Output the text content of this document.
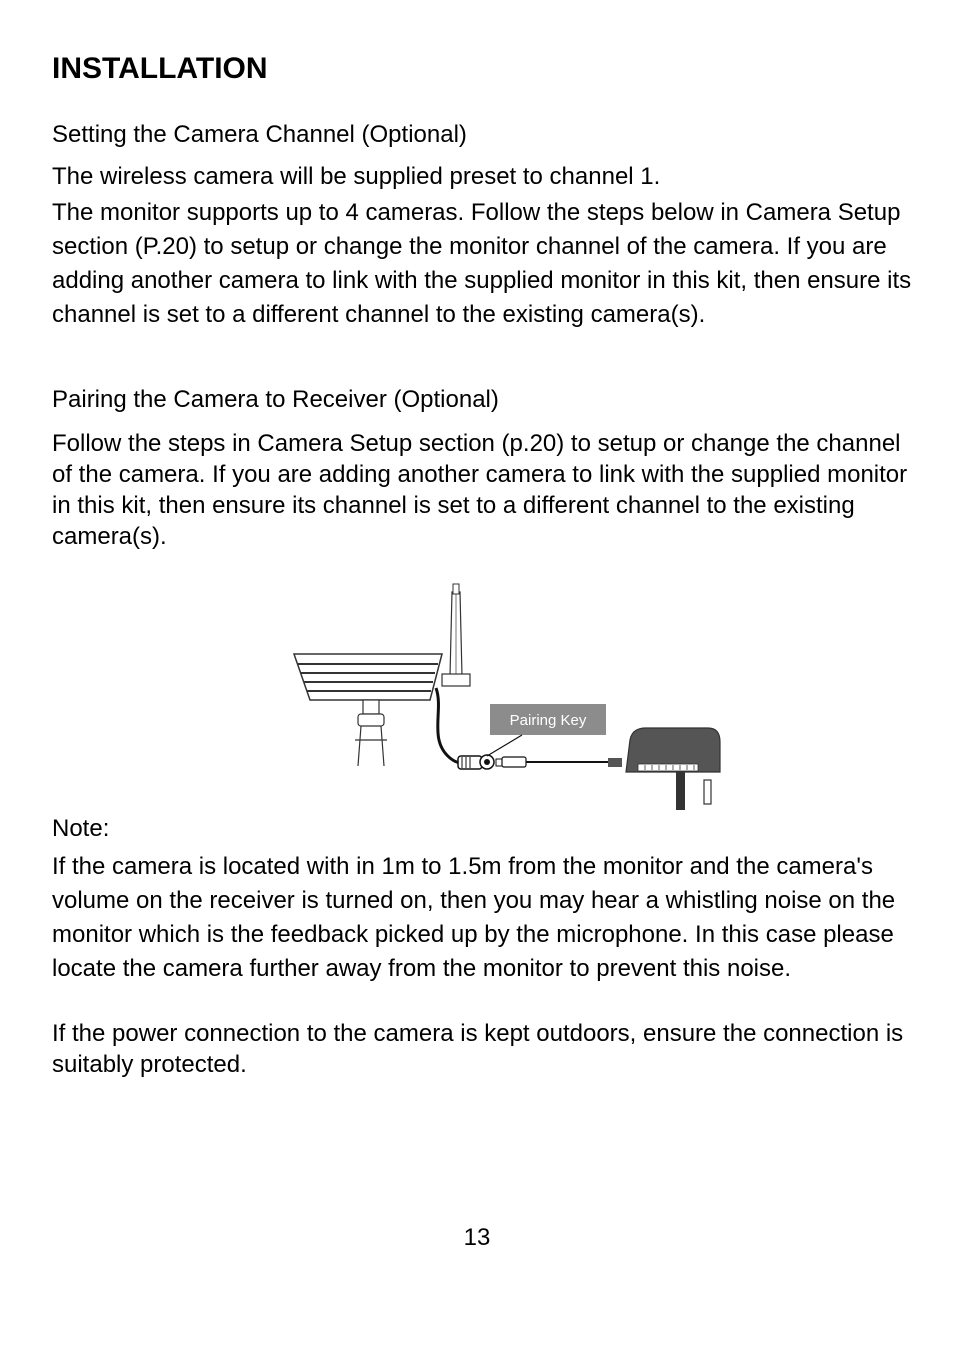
INSTALLATION

Setting the Camera Channel (Optional)

The wireless camera will be supplied preset to channel 1.

The monitor supports up to 4 cameras. Follow the steps below in Camera Setup section (P.20) to setup or change the monitor channel of the camera. If you are adding another camera to link with the supplied monitor in this kit, then ensure its channel is set to a different channel to the existing camera(s).

Pairing the Camera to Receiver (Optional)

Follow the steps in Camera Setup section (p.20) to setup or change the channel of the camera. If you are adding another camera to link with the supplied monitor in this kit, then ensure its channel is set to a different channel to the existing camera(s).

Pairing Key

Note:

If the camera is located with in 1m to 1.5m from the monitor and the camera's volume on the receiver is turned on, then you may hear a whistling noise on the monitor which is the feedback picked up by the microphone. In this case please locate the camera further away from the monitor to prevent this noise.

If the power connection to the camera is kept outdoors, ensure the connection is suitably protected.

13
